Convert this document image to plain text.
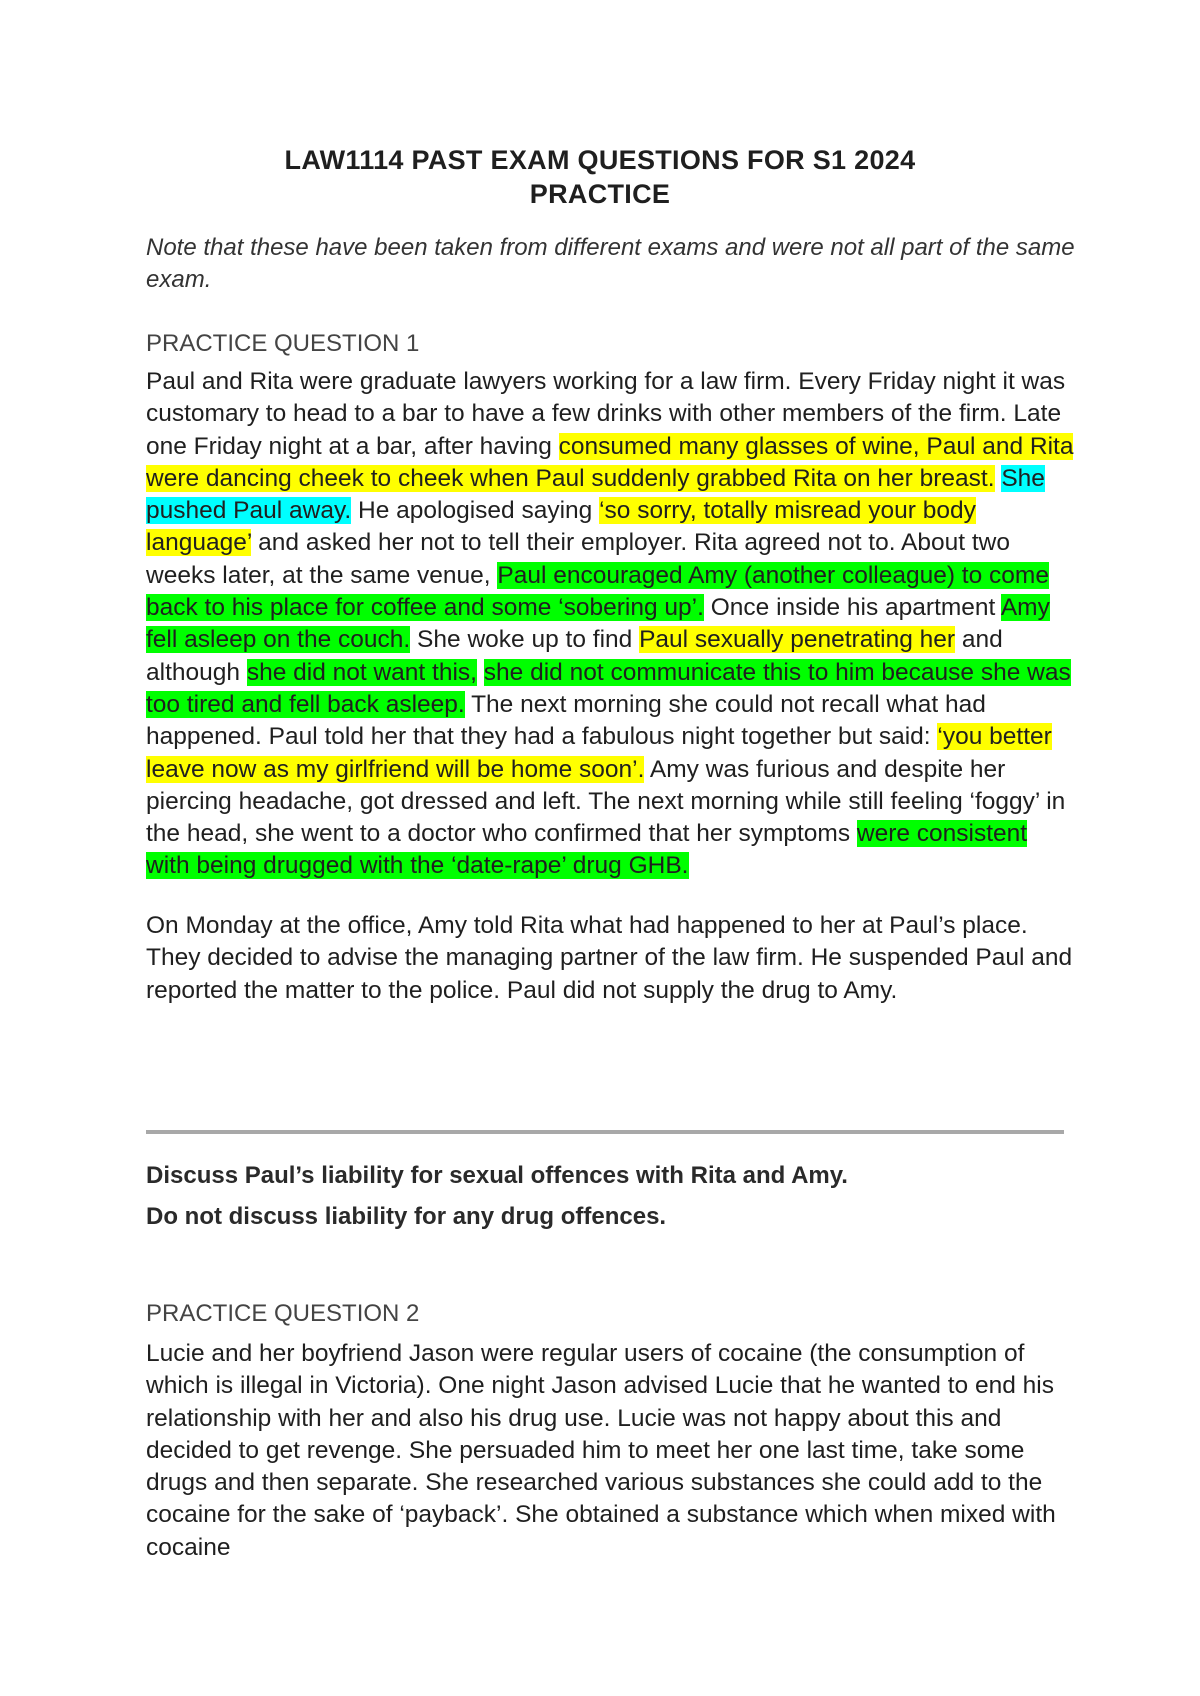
LAW1114 PAST EXAM QUESTIONS FOR S1 2024
PRACTICE
Note that these have been taken from different exams and were not all part of the same exam.
PRACTICE QUESTION 1
Paul and Rita were graduate lawyers working for a law firm. Every Friday night it was customary to head to a bar to have a few drinks with other members of the firm. Late one Friday night at a bar, after having consumed many glasses of wine, Paul and Rita were dancing cheek to cheek when Paul suddenly grabbed Rita on her breast. She pushed Paul away. He apologised saying ‘so sorry, totally misread your body language’ and asked her not to tell their employer. Rita agreed not to. About two weeks later, at the same venue, Paul encouraged Amy (another colleague) to come back to his place for coffee and some ‘sobering up’. Once inside his apartment Amy fell asleep on the couch. She woke up to find Paul sexually penetrating her and although she did not want this, she did not communicate this to him because she was too tired and fell back asleep. The next morning she could not recall what had happened. Paul told her that they had a fabulous night together but said: ‘you better leave now as my girlfriend will be home soon’. Amy was furious and despite her piercing headache, got dressed and left. The next morning while still feeling ‘foggy’ in the head, she went to a doctor who confirmed that her symptoms were consistent with being drugged with the ‘date-rape’ drug GHB.
On Monday at the office, Amy told Rita what had happened to her at Paul’s place. They decided to advise the managing partner of the law firm. He suspended Paul and reported the matter to the police. Paul did not supply the drug to Amy.
Discuss Paul’s liability for sexual offences with Rita and Amy.
Do not discuss liability for any drug offences.
PRACTICE QUESTION 2
Lucie and her boyfriend Jason were regular users of cocaine (the consumption of which is illegal in Victoria). One night Jason advised Lucie that he wanted to end his relationship with her and also his drug use. Lucie was not happy about this and decided to get revenge. She persuaded him to meet her one last time, take some drugs and then separate. She researched various substances she could add to the cocaine for the sake of ‘payback’. She obtained a substance which when mixed with cocaine
